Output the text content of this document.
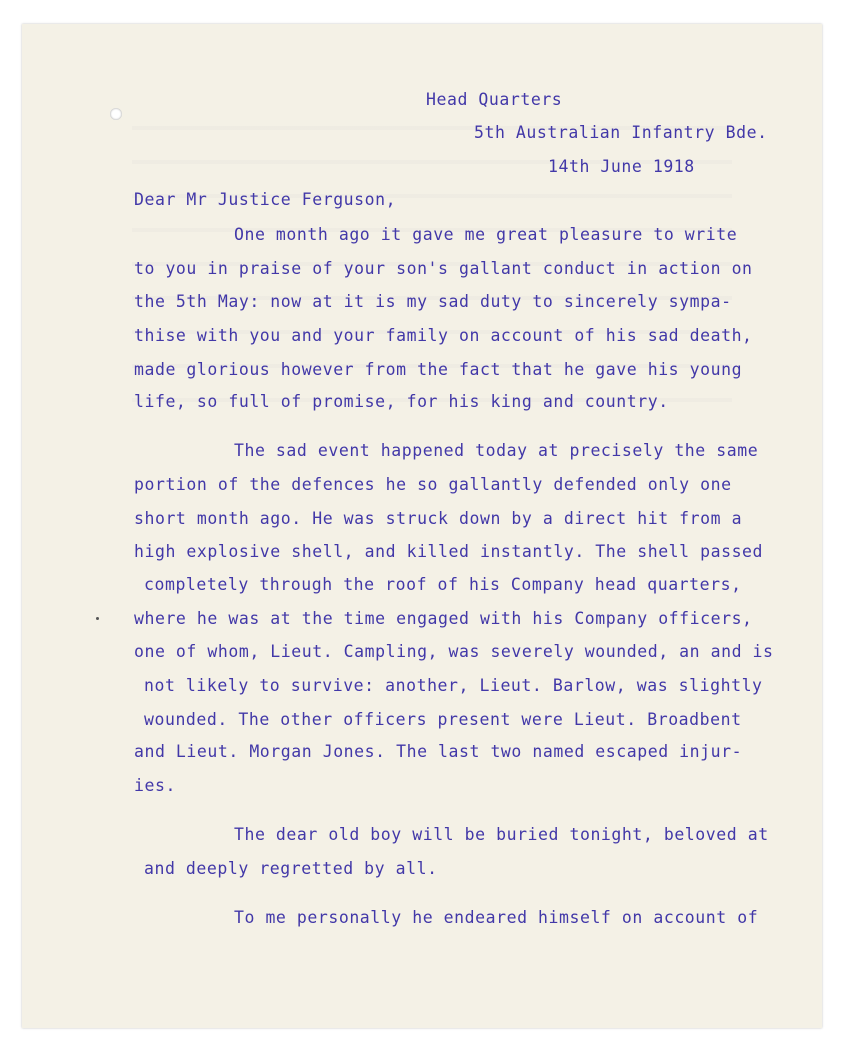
Head Quarters
5th Australian Infantry Bde.
14th June 1918
Dear Mr Justice Ferguson,
One month ago it gave me great pleasure to write
to you in praise of your son's gallant conduct in action on
the 5th May: now at it is my sad duty to sincerely sympa-
thise with you and your family on account of his sad death,
made glorious however from the fact that he gave his young
life, so full of promise, for his king and country.
The sad event happened today at precisely the same
portion of the defences he so gallantly defended only one
short month ago. He was struck down by a direct hit from a
high explosive shell, and killed instantly. The shell passed
completely through the roof of his Company head quarters,
where he was at the time engaged with his Company officers,
one of whom, Lieut. Campling, was severely wounded, an and is
not likely to survive: another, Lieut. Barlow, was slightly
wounded. The other officers present were Lieut. Broadbent
and Lieut. Morgan Jones. The last two named escaped injur-
ies.
The dear old boy will be buried tonight, beloved at
and deeply regretted by all.
To me personally he endeared himself on account of
